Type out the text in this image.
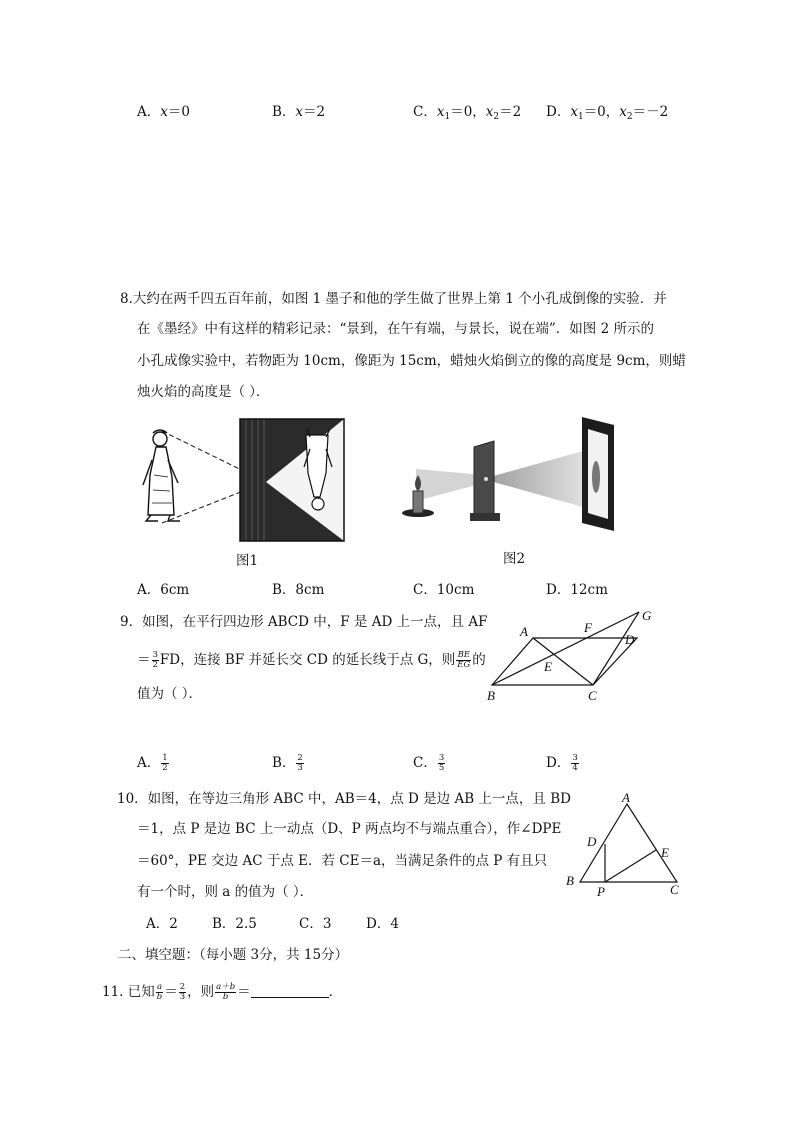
A．x＝0	B．x＝2	C．$x_1=0$，$x_2=2$ D．$x_1=0$，$x_2=-2$
8.大约在两千四五百年前，如图 1 墨子和他的学生做了世界上第 1 个小孔成倒像的实验．并
在《墨经》中有这样的精彩记录：“景到，在午有端，与景长，说在端”．如图 2 所示的
小孔成像实验中，若物距为 10cm，像距为 15cm，蜡烛火焰倒立的像的高度是 9cm，则蜡
烛火焰的高度是（ ）．
图1	图2
A．6cm	B．8cm	C．10cm	D．12cm
9．如图，在平行四边形 ABCD 中，F 是 AD 上一点，且 AF
＝ $\frac{3}{2}$ FD，连接 BF 并延长交 CD 的延长线于点 G，则 $\frac{BE}{EG}$ 的
值为（ ）．
A	F
G
D
E
B	C
A． $\frac{1}{2}$	B． $\frac{2}{3}$	C． $\frac{3}{5}$	D． $\frac{3}{4}$
10．如图，在等边三角形 ABC 中，AB＝4，点 D 是边 AB 上一点，且 BD
＝1，点 P 是边 BC 上一动点（D、P 两点均不与端点重合），作∠DPE
＝60°，PE 交边 AC 于点 E．若 CE＝a，当满足条件的点 P 有且只
有一个时，则 a 的值为（ ）．
A
D
E
B
P	C
A．2	B．2.5	C．3	D．4
二、填空题：（每小题 3分，共 15分）
11. 已知 $\frac{a}{b} = \frac{2}{3}$ ，则 $\frac{a+b}{b}$ ＝	．
